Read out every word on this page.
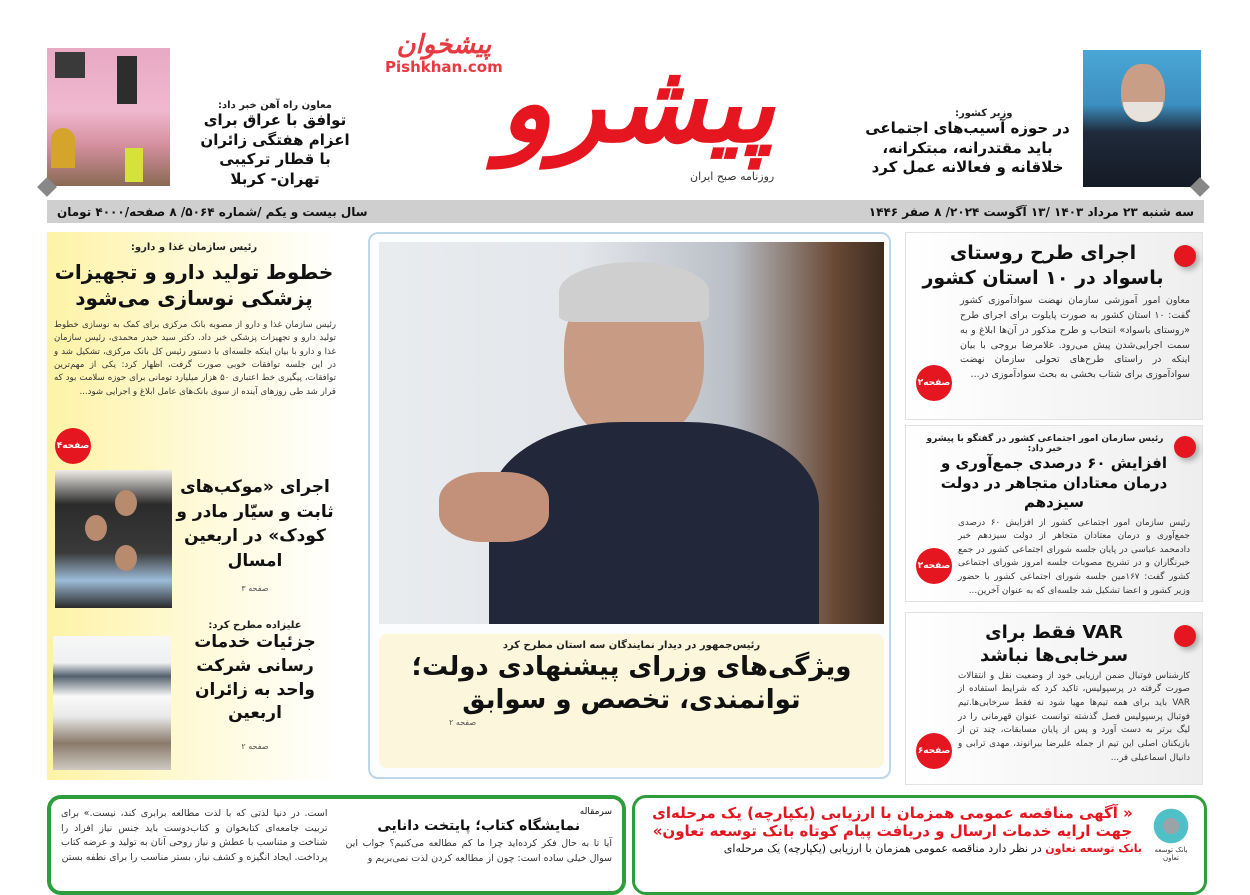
وزیر کشور:
در حوزه آسیب‌های اجتماعی باید مقتدرانه، مبتکرانه، خلاقانه و فعالانه عمل کرد
پیشرو
روزنامه صبح ایران
معاون راه آهن خبر داد:
توافق با عراق برای اعزام هفتگی زائران با قطار ترکیبی تهران- کربلا
پیشخوان
Pishkhan.com
سه شنبه ۲۳ مرداد ۱۴۰۳ /۱۳ آگوست ۲۰۲۴/ ۸ صفر ۱۴۴۶
سال بیست و یکم /شماره ۵۰۶۴/ ۸ صفحه/۴۰۰۰ تومان
اجرای طرح روستای باسواد در ۱۰ استان کشور
معاون امور آموزشی سازمان نهضت سوادآموزی کشور گفت: ۱۰ استان کشور به صورت پایلوت برای اجرای طرح «روستای باسواد» انتخاب و طرح مذکور در آن‌ها ابلاغ و به سمت اجرایی‌شدن پیش می‌رود. غلامرضا بروجی با بیان اینکه در راستای طرح‌های تحولی سازمان نهضت سوادآموزی برای شتاب بخشی به بحث سوادآموزی در...
صفحه۲
رئیس سازمان امور اجتماعی کشور در گفتگو با پیشرو خبر داد:
افزایش ۶۰ درصدی جمع‌آوری و درمان معتادان متجاهر در دولت سیزدهم
رئیس سازمان امور اجتماعی کشور از افزایش ۶۰ درصدی جمع‌آوری و درمان معتادان متجاهر از دولت سیزدهم خبر دادمحمد عباسی در پایان جلسه شورای اجتماعی کشور در جمع خبرنگاران و در تشریح مصوبات جلسه امروز شورای اجتماعی کشور گفت: ۱۶۷مین جلسه شورای اجتماعی کشور با حضور وزیر کشور و اعضا تشکیل شد جلسه‌ای که به عنوان آخرین...
صفحه۲
VAR فقط برای سرخابی‌ها نباشد
کارشناس فوتبال ضمن ارزیابی خود از وضعیت نقل و انتقالات صورت گرفته در پرسپولیس، تاکید کرد که شرایط استفاده از VAR باید برای همه تیم‌ها مهیا شود نه فقط سرخابی‌ها.تیم فوتبال پرسپولیس فصل گذشته توانست عنوان قهرمانی را در لیگ برتر به دست آورد و پس از پایان مسابقات، چند تن از بازیکنان اصلی این تیم از جمله علیرضا بیرانوند، مهدی ترابی و دانیال اسماعیلی فر...
صفحه۶
رئیس‌جمهور در دیدار نمایندگان سه استان مطرح کرد
ویژگی‌های وزرای پیشنهادی دولت؛ توانمندی، تخصص و سوابق
صفحه ۲
رئیس سازمان غذا و دارو:
خطوط تولید دارو و تجهیزات پزشکی نوسازی می‌شود
رئیس سازمان غذا و دارو از مصوبه بانک مرکزی برای کمک به نوسازی خطوط تولید دارو و تجهیزات پزشکی خبر داد. دکتر سید حیدر محمدی، رئیس سازمان غذا و دارو با بیان اینکه جلسه‌ای با دستور رئیس کل بانک مرکزی، تشکیل شد و در این جلسه توافقات خوبی صورت گرفت، اظهار کرد: یکی از مهم‌ترین توافقات، پیگیری خط اعتباری ۵۰ هزار میلیارد تومانی برای حوزه سلامت بود که قرار شد طی روزهای آینده از سوی بانک‌های عامل ابلاغ و اجرایی شود...
صفحه۴
اجرای «موکب‌های ثابت و سیّار مادر و کودک» در اربعین امسال
صفحه ۳
علیزاده مطرح کرد:
جزئیات خدمات رسانی شرکت واحد به زائران اربعین
صفحه ۲
سرمقاله
نمایشگاه کتاب؛ پایتخت دانایی
آیا تا به حال فکر کرده‌اید چرا ما کم مطالعه می‌کنیم؟ جواب این سوال خیلی ساده است: چون از مطالعه کردن لذت نمی‌بریم و
است. در دنیا لذتی که با لذت مطالعه برابری کند، نیست.» برای تربیت جامعه‌ای کتابخوان و کتاب‌دوست باید جنس نیاز افراد را شناخت و متناسب با عطش و نیاز روحی آنان به تولید و عرضه کتاب پرداخت. ایجاد انگیزه و کشف نیاز، بستر مناسب را برای نطفه بستن
بانک توسعه تعاون
« آگهی مناقصه عمومی همزمان با ارزیابی (یکپارچه) یک مرحله‌ای جهت ارایه خدمات ارسال و دریافت پیام کوتاه بانک توسعه تعاون»
بانک توسعه تعاون در نظر دارد مناقصه عمومی همزمان با ارزیابی (یکپارچه) یک مرحله‌ای
